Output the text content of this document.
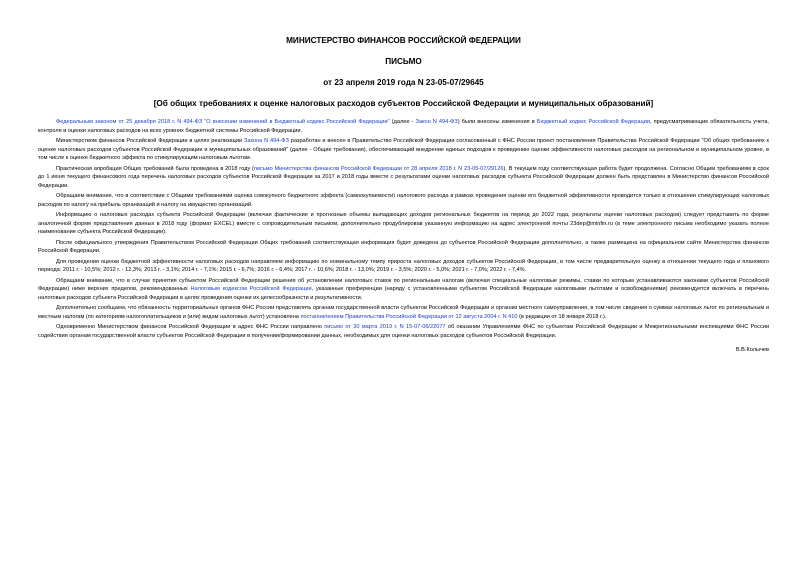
МИНИСТЕРСТВО ФИНАНСОВ РОССИЙСКОЙ ФЕДЕРАЦИИ
ПИСЬМО
от 23 апреля 2019 года N 23-05-07/29645
[Об общих требованиях к оценке налоговых расходов субъектов Российской Федерации и муниципальных образований]

Федеральным законом от 25 декабря 2018 г. N 494-ФЗ "О внесении изменений в Бюджетный кодекс Российской Федерации" (далее - Закон N 494-ФЗ) были внесены изменения в Бюджетный кодекс Российской Федерации, предусматривающие обязательность учета, контроля и оценки налоговых расходов на всех уровнях бюджетной системы Российской Федерации.

Министерством финансов Российской Федерации в целях реализации Закона N 494-ФЗ разработан и внесен в Правительство Российской Федерации согласованный с ФНС России проект постановления Правительства Российской Федерации "Об общих требованиях к оценке налоговых расходов субъектов Российской Федерации и муниципальных образований" (далее - Общие требования), обеспечивающий внедрение единых подходов к проведению оценки эффективности налоговых расходов на региональном и муниципальном уровне, в том числе к оценке бюджетного эффекта по стимулирующим налоговым льготам.

Практическая апробация Общих требований была проведена в 2018 году (письмо Министерства финансов Российской Федерации от 28 апреля 2018 г. N 23-05-07/29126). В текущем году соответствующая работа будет продолжена. Согласно Общим требованиям в срок до 1 июня текущего финансового года перечень налоговых расходов субъектов Российской Федерации за 2017 и 2018 годы вместе с результатами оценки налоговых расходов субъекта Российской Федерации должен быть представлен в Министерство финансов Российской Федерации.

Обращаем внимание, что в соответствии с Общими требованиями оценка совокупного бюджетного эффекта (самоокупаемости) налогового расхода в рамках проведения оценки его бюджетной эффективности проводится только в отношении стимулирующих налоговых расходов по налогу на прибыль организаций и налогу на имущество организаций.

Информацию о налоговых расходах субъекта Российской Федерации (включая фактические и прогнозные объемы выпадающих доходов региональных бюджетов на период до 2022 года, результаты оценки налоговых расходов) следует представить по форме аналогичной форме представления данных в 2018 году (формат EXCEL) вместе с сопроводительным письмом, дополнительно продублировав указанную информацию на адрес электронной почты 23dep@minfin.ru (в теме электронного письма необходимо указать полное наименование субъекта Российской Федерации).

После официального утверждения Правительством Российской Федерации Общих требований соответствующая информация будет доведена до субъектов Российской Федерации дополнительно, а также размещена на официальном сайте Министерства финансов Российской Федерации.

Для проведения оценки бюджетной эффективности налоговых расходов направляем информацию по номинальному темпу прироста налоговых доходов субъектов Российской Федерации, в том числе предварительную оценку в отношении текущего года и планового периода: 2011 г. - 10,5%; 2012 г. - 12,3%; 2013 г. - 3,1%; 2014 г. - 7,1%; 2015 г. - 6,7%; 2016 г. - 6,4%; 2017 г. - 10,6%; 2018 г. - 13,0%; 2019 г. - 3,5%; 2020 г. - 5,0%; 2021 г. - 7,0%; 2022 г. - 7,4%.

Обращаем внимание, что в случае принятия субъектом Российской Федерации решения об установлении налоговых ставок по региональным налогам (включая специальные налоговые режимы, ставки по которым устанавливаются законами субъектов Российской Федерации) ниже верхних пределов, рекомендованных Налоговым кодексом Российской Федерации, указанные преференции (наряду с установленными субъектом Российской Федерации налоговыми льготами и освобождениями) рекомендуется включать в перечень налоговых расходов субъекта Российской Федерации в целях проведения оценки их целесообразности и результативности.

Дополнительно сообщаем, что обязанность территориальных органов ФНС России представлять органам государственной власти субъектов Российской Федерации и органам местного самоуправления, в том числе сведения о суммах налоговых льгот по региональным и местным налогам (по категориям налогоплательщиков и (или) видам налоговых льгот) установлена постановлением Правительства Российской Федерации от 12 августа 2004 г. N 410 (в редакции от 18 января 2018 г.).

Одновременно Министерством финансов Российской Федерации в адрес ФНС России направлено письмо от 30 марта 2019 г. N 15-07-06/22077 об оказании Управлениями ФНС по субъектам Российской Федерации и Межрегиональными инспекциями ФНС России содействия органам государственной власти субъектов Российской Федерации в получении/формировании данных, необходимых для оценки налоговых расходов субъектов Российской Федерации.

В.В.Колычев
